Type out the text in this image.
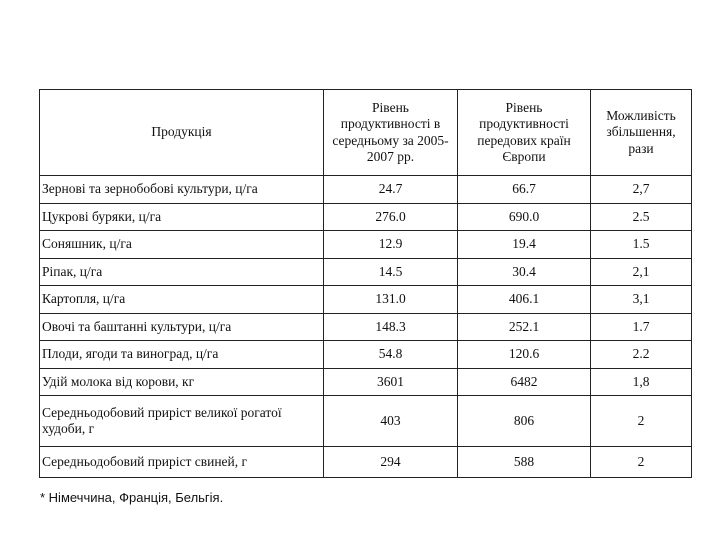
Продукція	Рівень продуктивності в середньому за 2005-2007 рр.	Рівень продуктивності передових країн Європи	Можливість збільшення, рази
Зернові та зернобобові культури, ц/га	24.7	66.7	2,7
Цукрові буряки, ц/га	276.0	690.0	2.5
Соняшник, ц/га	12.9	19.4	1.5
Ріпак, ц/га	14.5	30.4	2,1
Картопля, ц/га	131.0	406.1	3,1
Овочі та баштанні культури, ц/га	148.3	252.1	1.7
Плоди, ягоди та виноград, ц/га	54.8	120.6	2.2
Удій молока від корови, кг	3601	6482	1,8
Середньодобовий приріст великої рогатої худоби, г	403	806	2
Середньодобовий приріст свиней, г	294	588	2
* Німеччина, Франція, Бельгія.
